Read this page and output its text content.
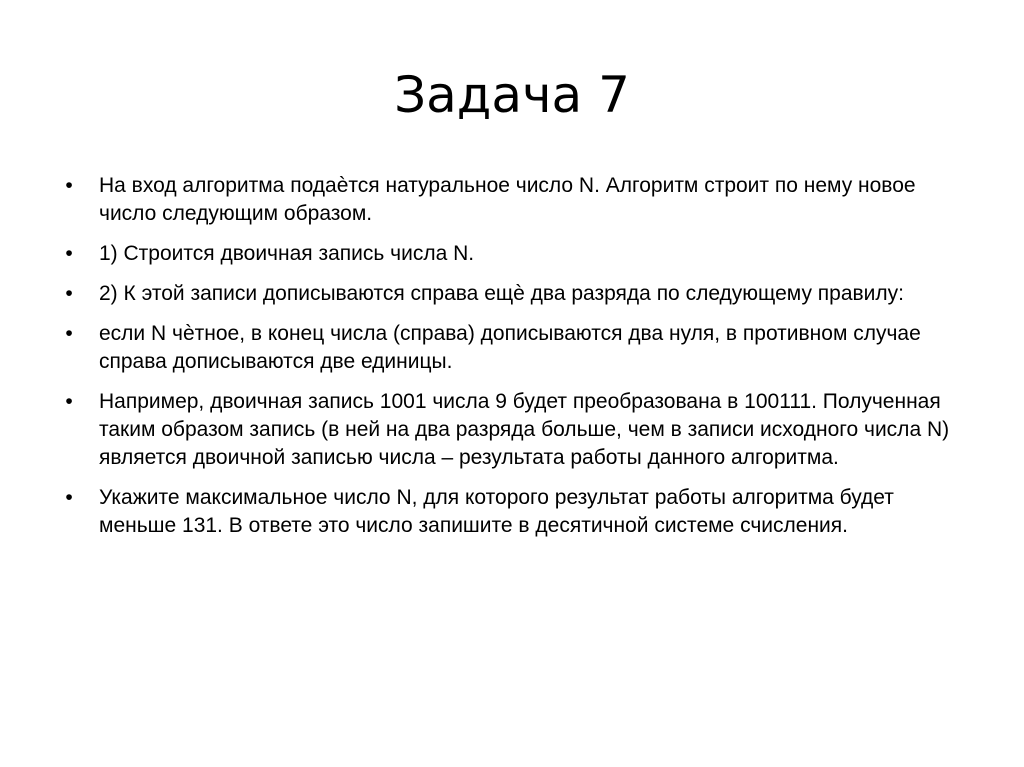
Задача 7
• На вход алгоритма подаѐтся натуральное число N. Алгоритм строит по нему новое число следующим образом.
• 1) Строится двоичная запись числа N.
• 2) К этой записи дописываются справа ещѐ два разряда по следующему правилу:
• если N чѐтное, в конец числа (справа) дописываются два нуля, в противном случае справа дописываются две единицы.
• Например, двоичная запись 1001 числа 9 будет преобразована в 100111. Полученная таким образом запись (в ней на два разряда больше, чем в записи исходного числа N) является двоичной записью числа – результата работы данного алгоритма.
• Укажите максимальное число N, для которого результат работы алгоритма будет меньше 131. В ответе это число запишите в десятичной системе счисления.
